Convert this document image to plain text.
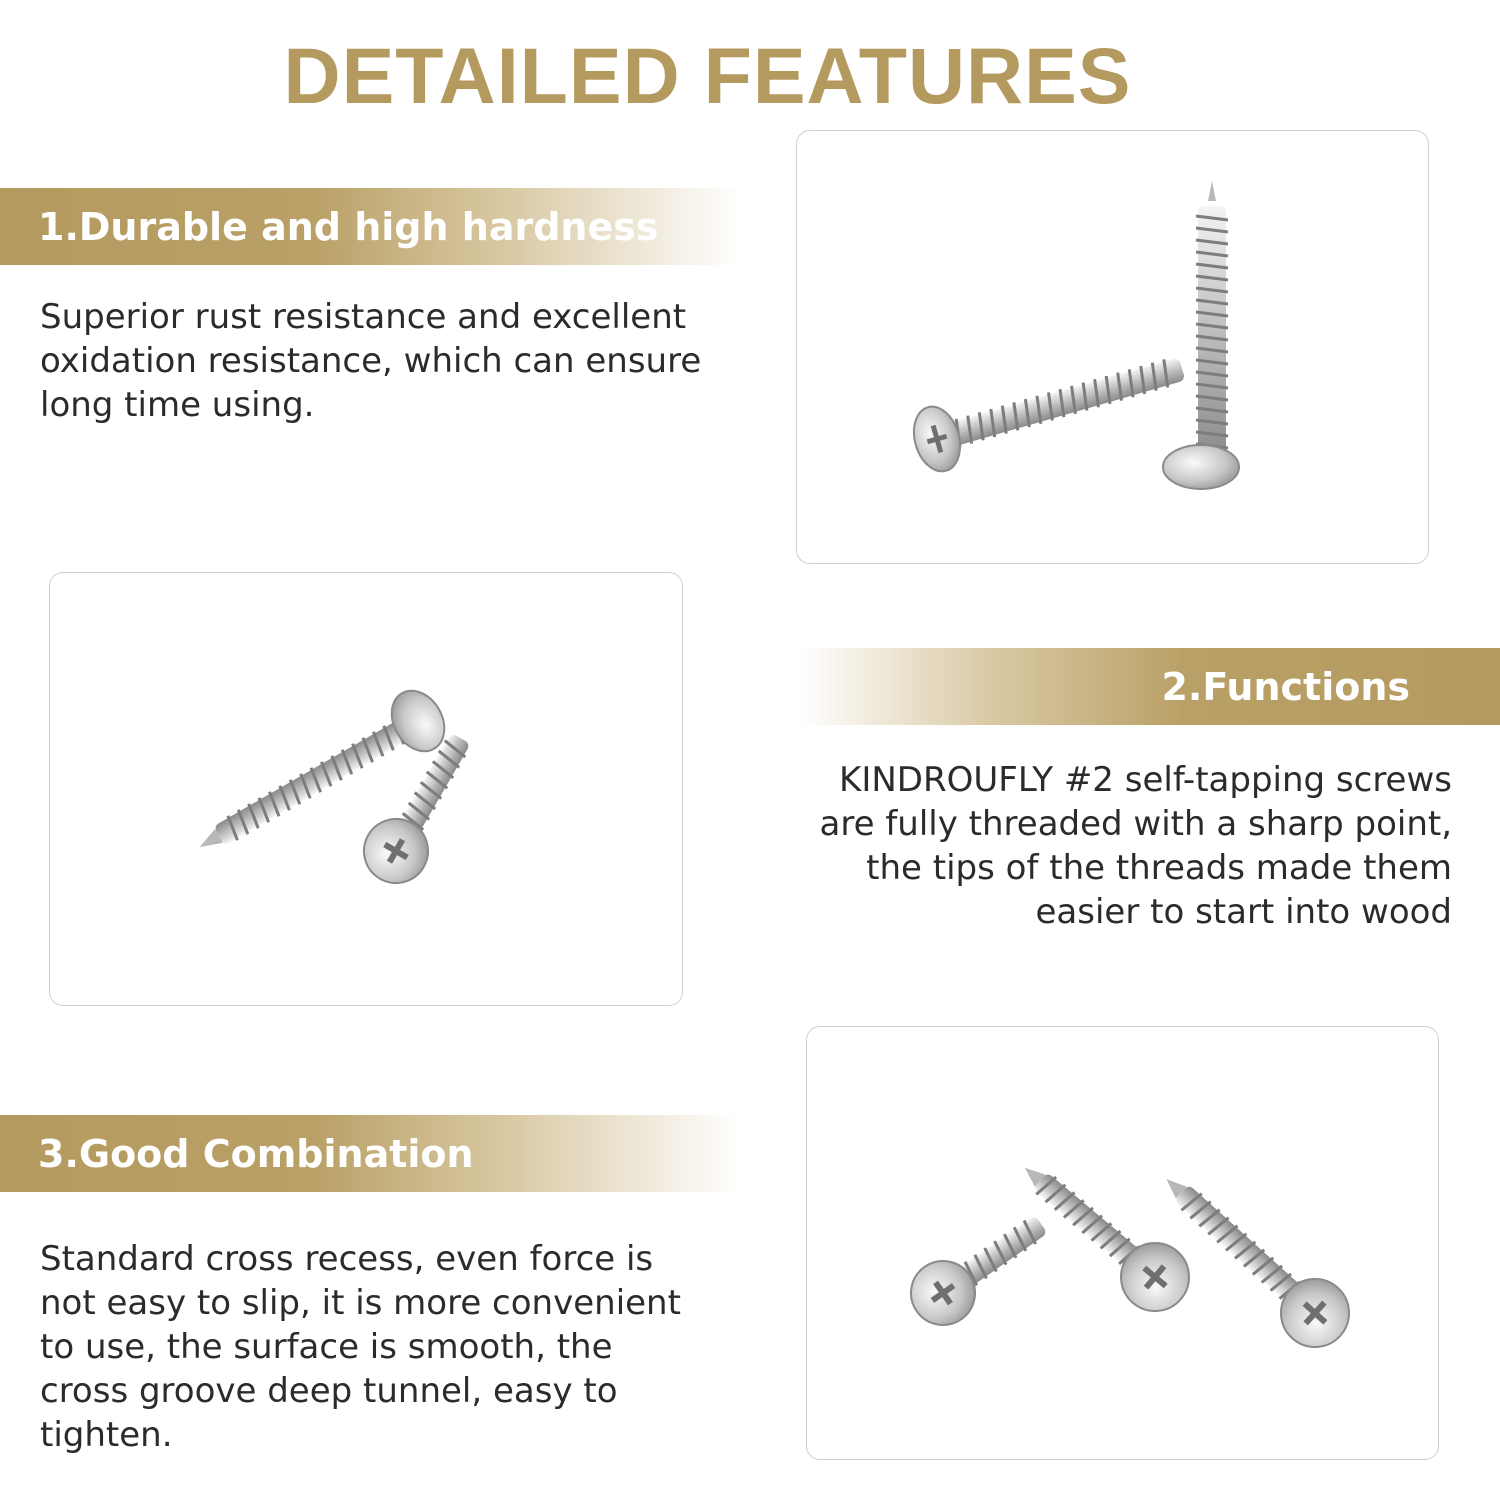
DETAILED FEATURES
1.Durable and high hardness

Superior rust resistance and excellent oxidation resistance, which can ensure long time using.

2.Functions

KINDROUFLY #2 self-tapping screws are fully threaded with a sharp point, the tips of the threads made them easier to start into wood

3.Good Combination

Standard cross recess, even force is not easy to slip, it is more convenient to use, the surface is smooth, the cross groove deep tunnel, easy to tighten.
